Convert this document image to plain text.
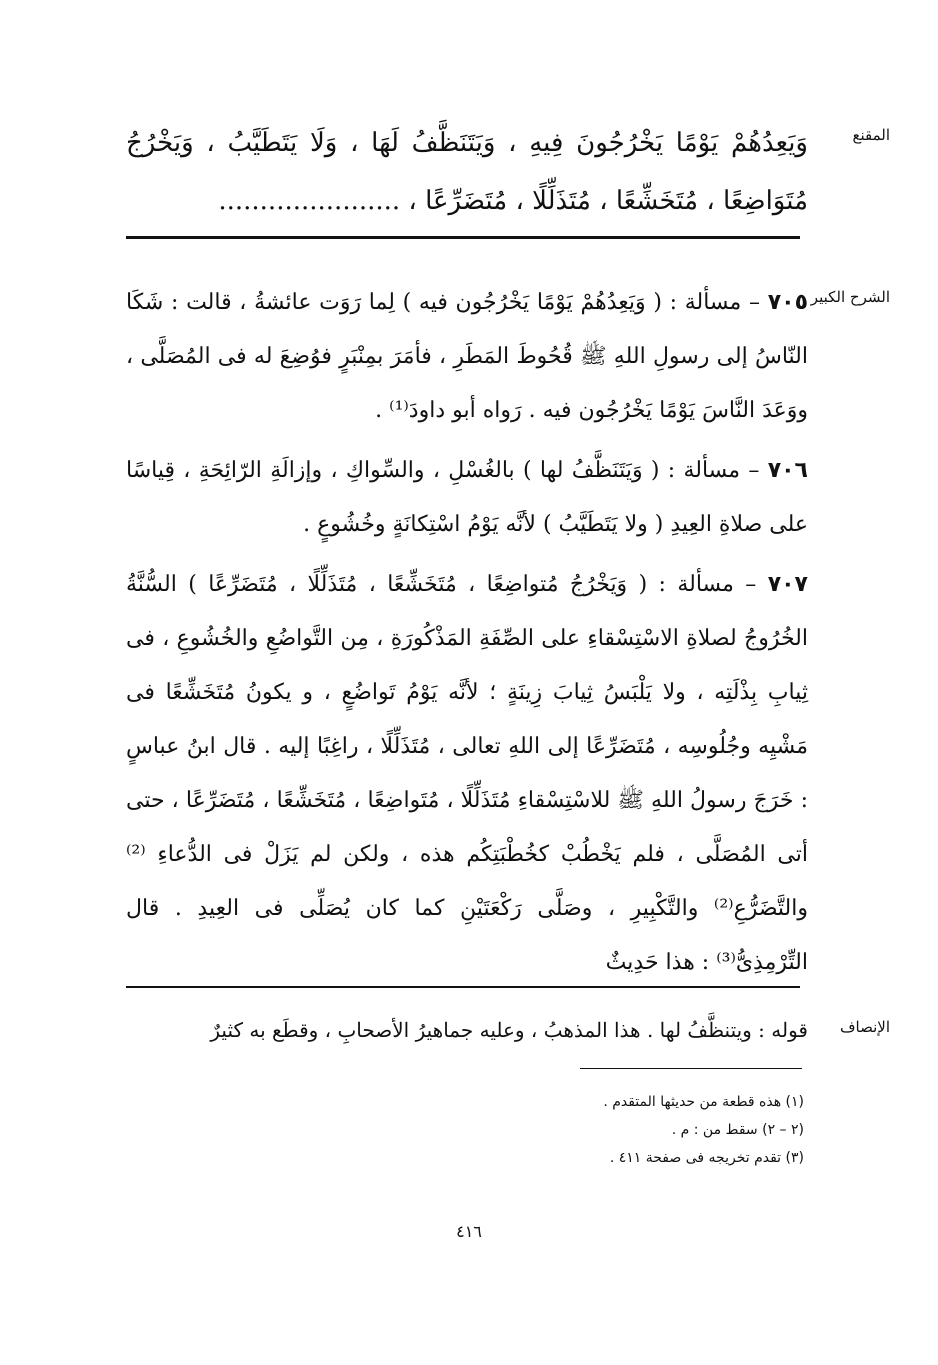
المقنع

وَيَعِدُهُمْ يَوْمًا يَخْرُجُونَ فِيهِ ، وَيَتَنَظَّفُ لَهَا ، وَلَا يَتَطَيَّبُ ، وَيَخْرُجُ مُتَوَاضِعًا ، مُتَخَشِّعًا ، مُتَذَلِّلًا ، مُتَضَرِّعًا ، ......................

الشرح الكبير

٧٠٥ – مسألة : ( وَيَعِدُهُمْ يَوْمًا يَخْرُجُون فيه ) لِما رَوَت عائشةُ ، قالت : شَكَا النّاسُ إلى رسولِ اللهِ ﷺ قُحُوطَ المَطَرِ ، فأمَرَ بمِنْبَرٍ فوُضِعَ له فى المُصَلَّى ، ووَعَدَ النَّاسَ يَوْمًا يَخْرُجُون فيه . رَواه أبو داودَ⁽¹⁾ .

٧٠٦ – مسألة : ( وَيَتَنَظَّفُ لها ) بالغُسْلِ ، والسِّواكِ ، وإزالَةِ الرّائِحَةِ ، قِياسًا على صلاةِ العِيدِ ( ولا يَتَطَيَّبُ ) لأنَّه يَوْمُ اسْتِكانَةٍ وخُشُوعٍ .

٧٠٧ – مسألة : ( وَيَخْرُجُ مُتواضِعًا ، مُتَخَشِّعًا ، مُتَذَلِّلًا ، مُتَضَرِّعًا ) السُّنَّةُ الخُرُوجُ لصلاةِ الاسْتِسْقاءِ على الصِّفَةِ المَذْكُورَةِ ، مِن التَّواضُعِ والخُشُوعِ ، فى ثِيابِ بِذْلَتِه ، ولا يَلْبَسُ ثِيابَ زِينَةٍ ؛ لأنَّه يَوْمُ تَواضُعٍ ، و يكونُ مُتَخَشِّعًا فى مَشْيِه وجُلُوسِه ، مُتَضَرِّعًا إلى اللهِ تعالى ، مُتَذَلِّلًا ، راغِبًا إليه . قال ابنُ عباسٍ : خَرَجَ رسولُ اللهِ ﷺ للاسْتِسْقاءِ مُتَذَلِّلًا ، مُتَواضِعًا ، مُتَخَشِّعًا ، مُتَضَرِّعًا ، حتى أتى المُصَلَّى ، فلم يَخْطُبْ كخُطْبَتِكُم هذه ، ولكن لم يَزَلْ فى الدُّعاءِ ⁽²⁾والتَّضَرُّعِ⁽²⁾ والتَّكْبِيرِ ، وصَلَّى رَكْعَتَيْنِ كما كان يُصَلِّى فى العِيدِ . قال التِّرْمِذِىُّ⁽³⁾ : هذا حَدِيثٌ

الإنصاف

قوله : ويتنظَّفُ لها . هذا المذهبُ ، وعليه جماهيرُ الأصحابِ ، وقطَع به كثيرٌ

(١) هذه قطعة من حديثها المتقدم .
(٢ – ٢) سقط من : م .
(٣) تقدم تخريجه فى صفحة ٤١١ .
٤١٦
